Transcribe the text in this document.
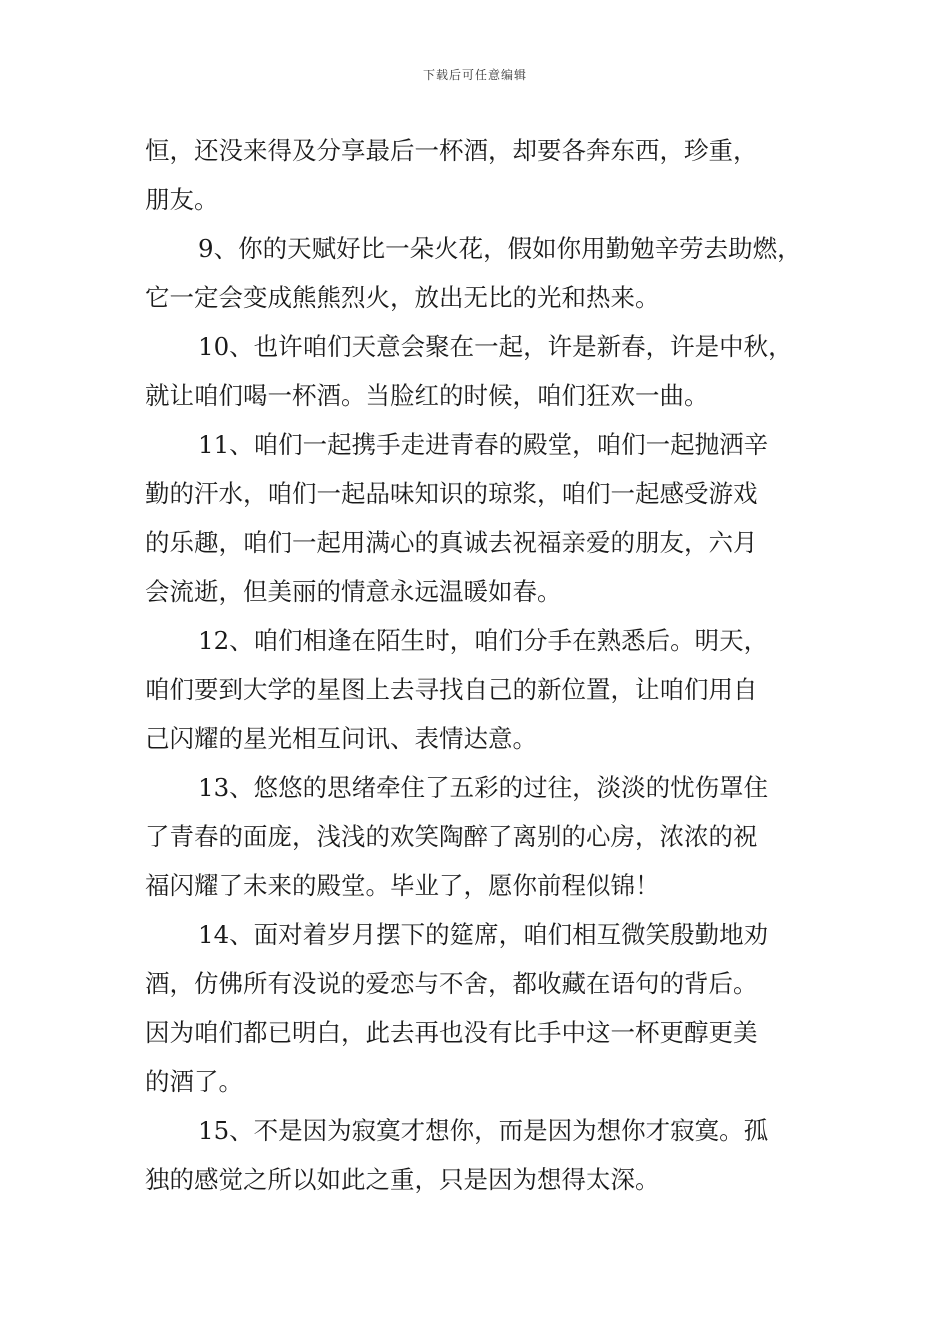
下载后可任意编辑
恒，还没来得及分享最后一杯酒，却要各奔东西，珍重，
朋友。
9、你的天赋好比一朵火花，假如你用勤勉辛劳去助燃，
它一定会变成熊熊烈火，放出无比的光和热来。
10、也许咱们天意会聚在一起，许是新春，许是中秋，
就让咱们喝一杯酒。当脸红的时候，咱们狂欢一曲。
11、咱们一起携手走进青春的殿堂，咱们一起抛洒辛
勤的汗水，咱们一起品味知识的琼浆，咱们一起感受游戏
的乐趣，咱们一起用满心的真诚去祝福亲爱的朋友，六月
会流逝，但美丽的情意永远温暖如春。
12、咱们相逢在陌生时，咱们分手在熟悉后。明天，
咱们要到大学的星图上去寻找自己的新位置，让咱们用自
己闪耀的星光相互问讯、表情达意。
13、悠悠的思绪牵住了五彩的过往，淡淡的忧伤罩住
了青春的面庞，浅浅的欢笑陶醉了离别的心房，浓浓的祝
福闪耀了未来的殿堂。毕业了，愿你前程似锦！
14、面对着岁月摆下的筵席，咱们相互微笑殷勤地劝
酒，仿佛所有没说的爱恋与不舍，都收藏在语句的背后。
因为咱们都已明白，此去再也没有比手中这一杯更醇更美
的酒了。
15、不是因为寂寞才想你，而是因为想你才寂寞。孤
独的感觉之所以如此之重，只是因为想得太深。
